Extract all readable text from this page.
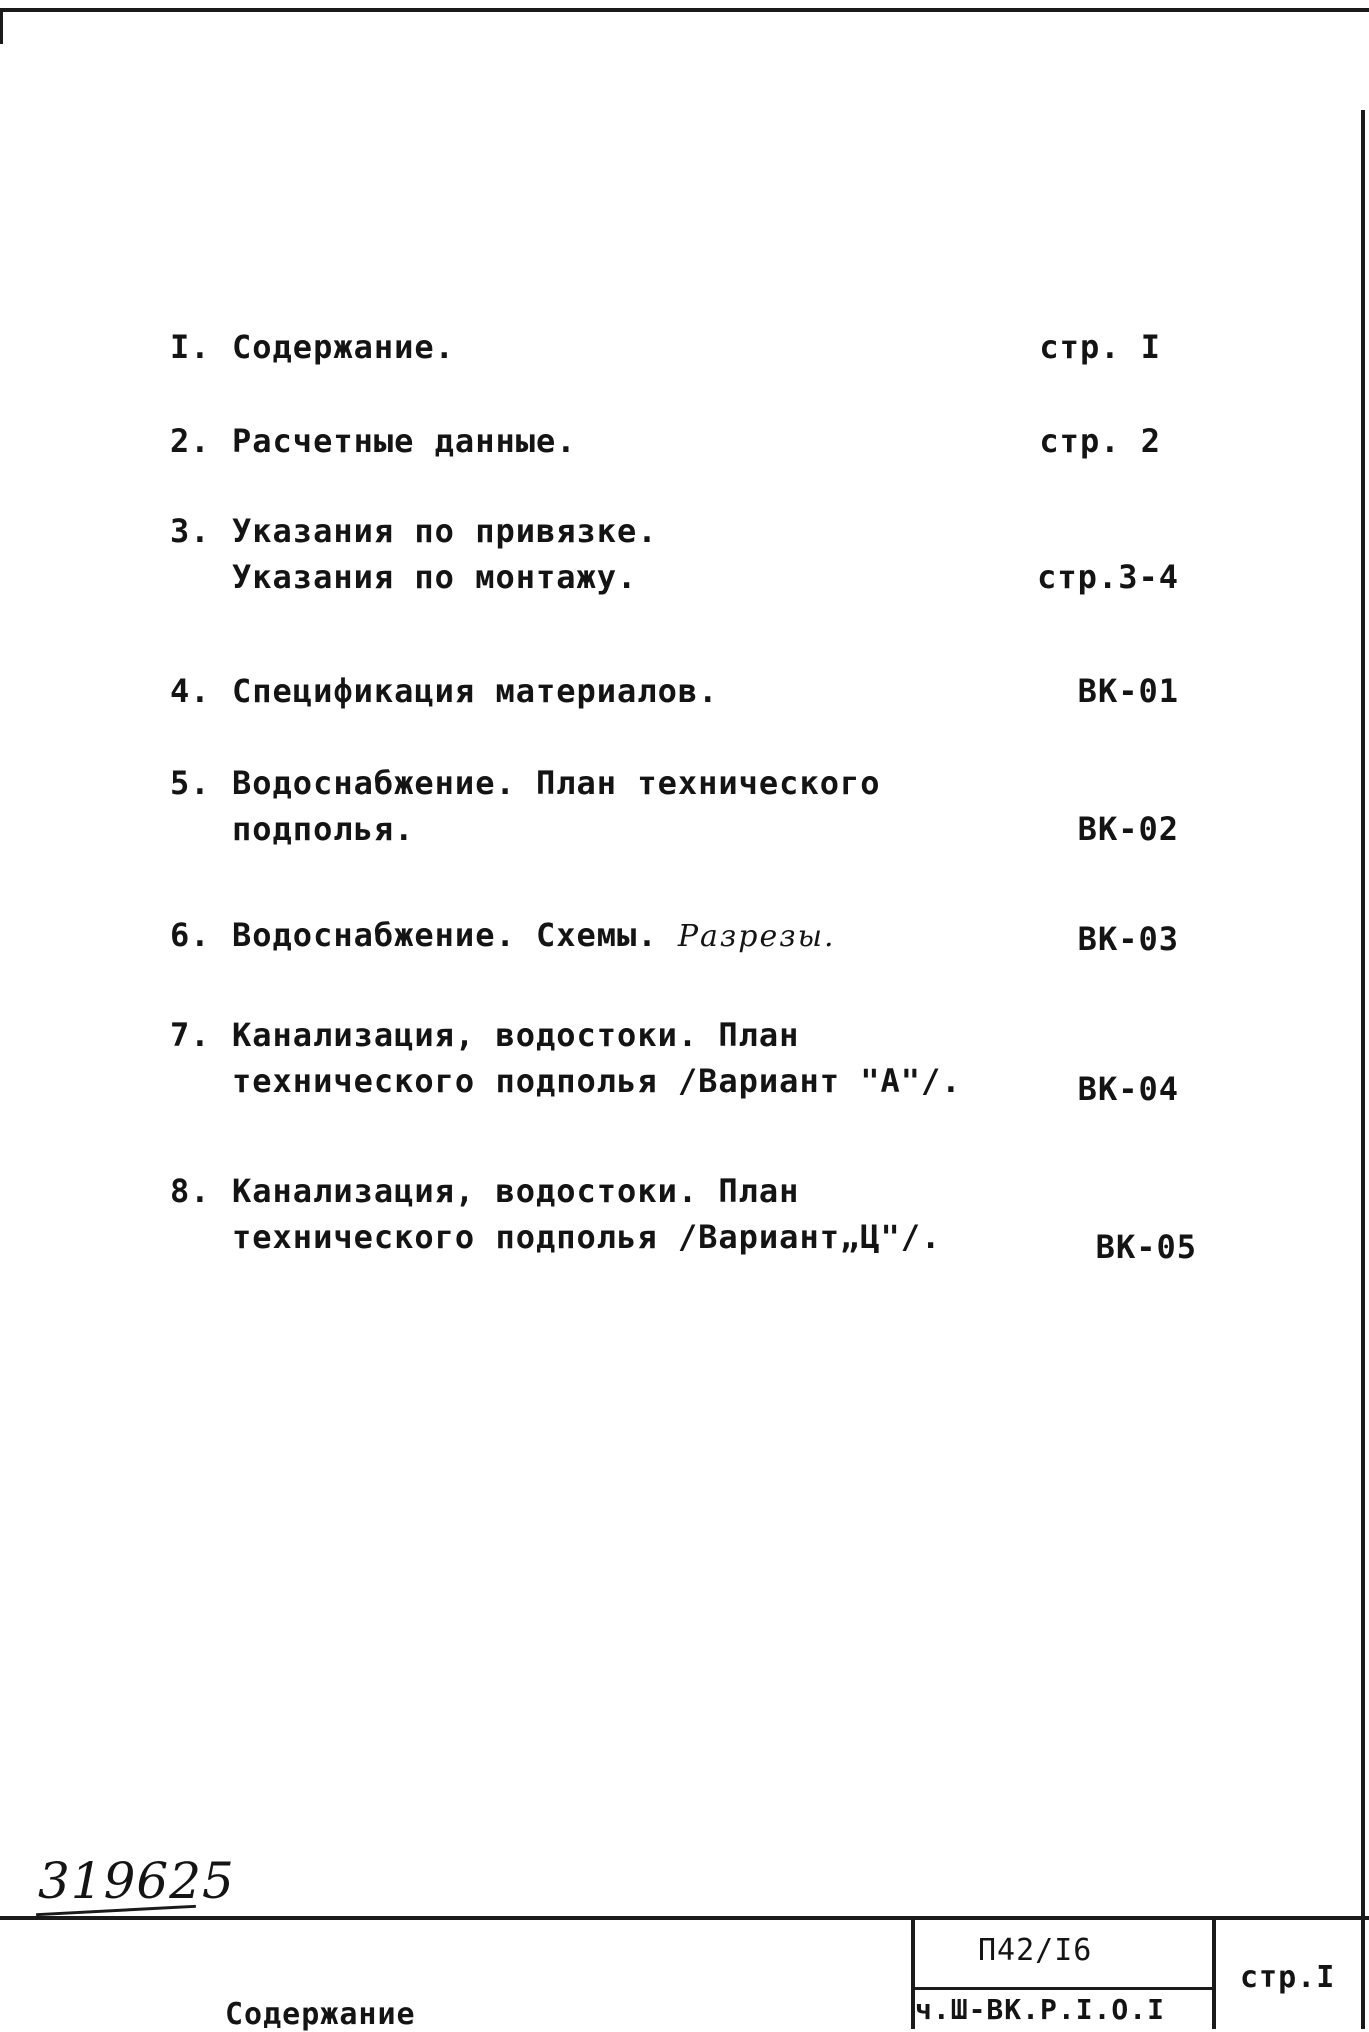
I. Содержание.	стр. I
2. Расчетные данные.	стр. 2
3. Указания по привязке.
Указания по монтажу.	стр.3-4
4. Спецификация материалов.	ВК-01
5. Водоснабжение. План технического
подполья.	ВК-02
6. Водоснабжение. Схемы. Разрезы.	ВК-03
7. Канализация, водостоки. План
технического подполья /Вариант "А"/.	ВК-04
8. Канализация, водостоки. План
технического подполья /Вариант„Ц"/.	ВК-05
319625
Содержание
П42/I6
ч.Ш-ВК.Р.I.О.I
стр.I
